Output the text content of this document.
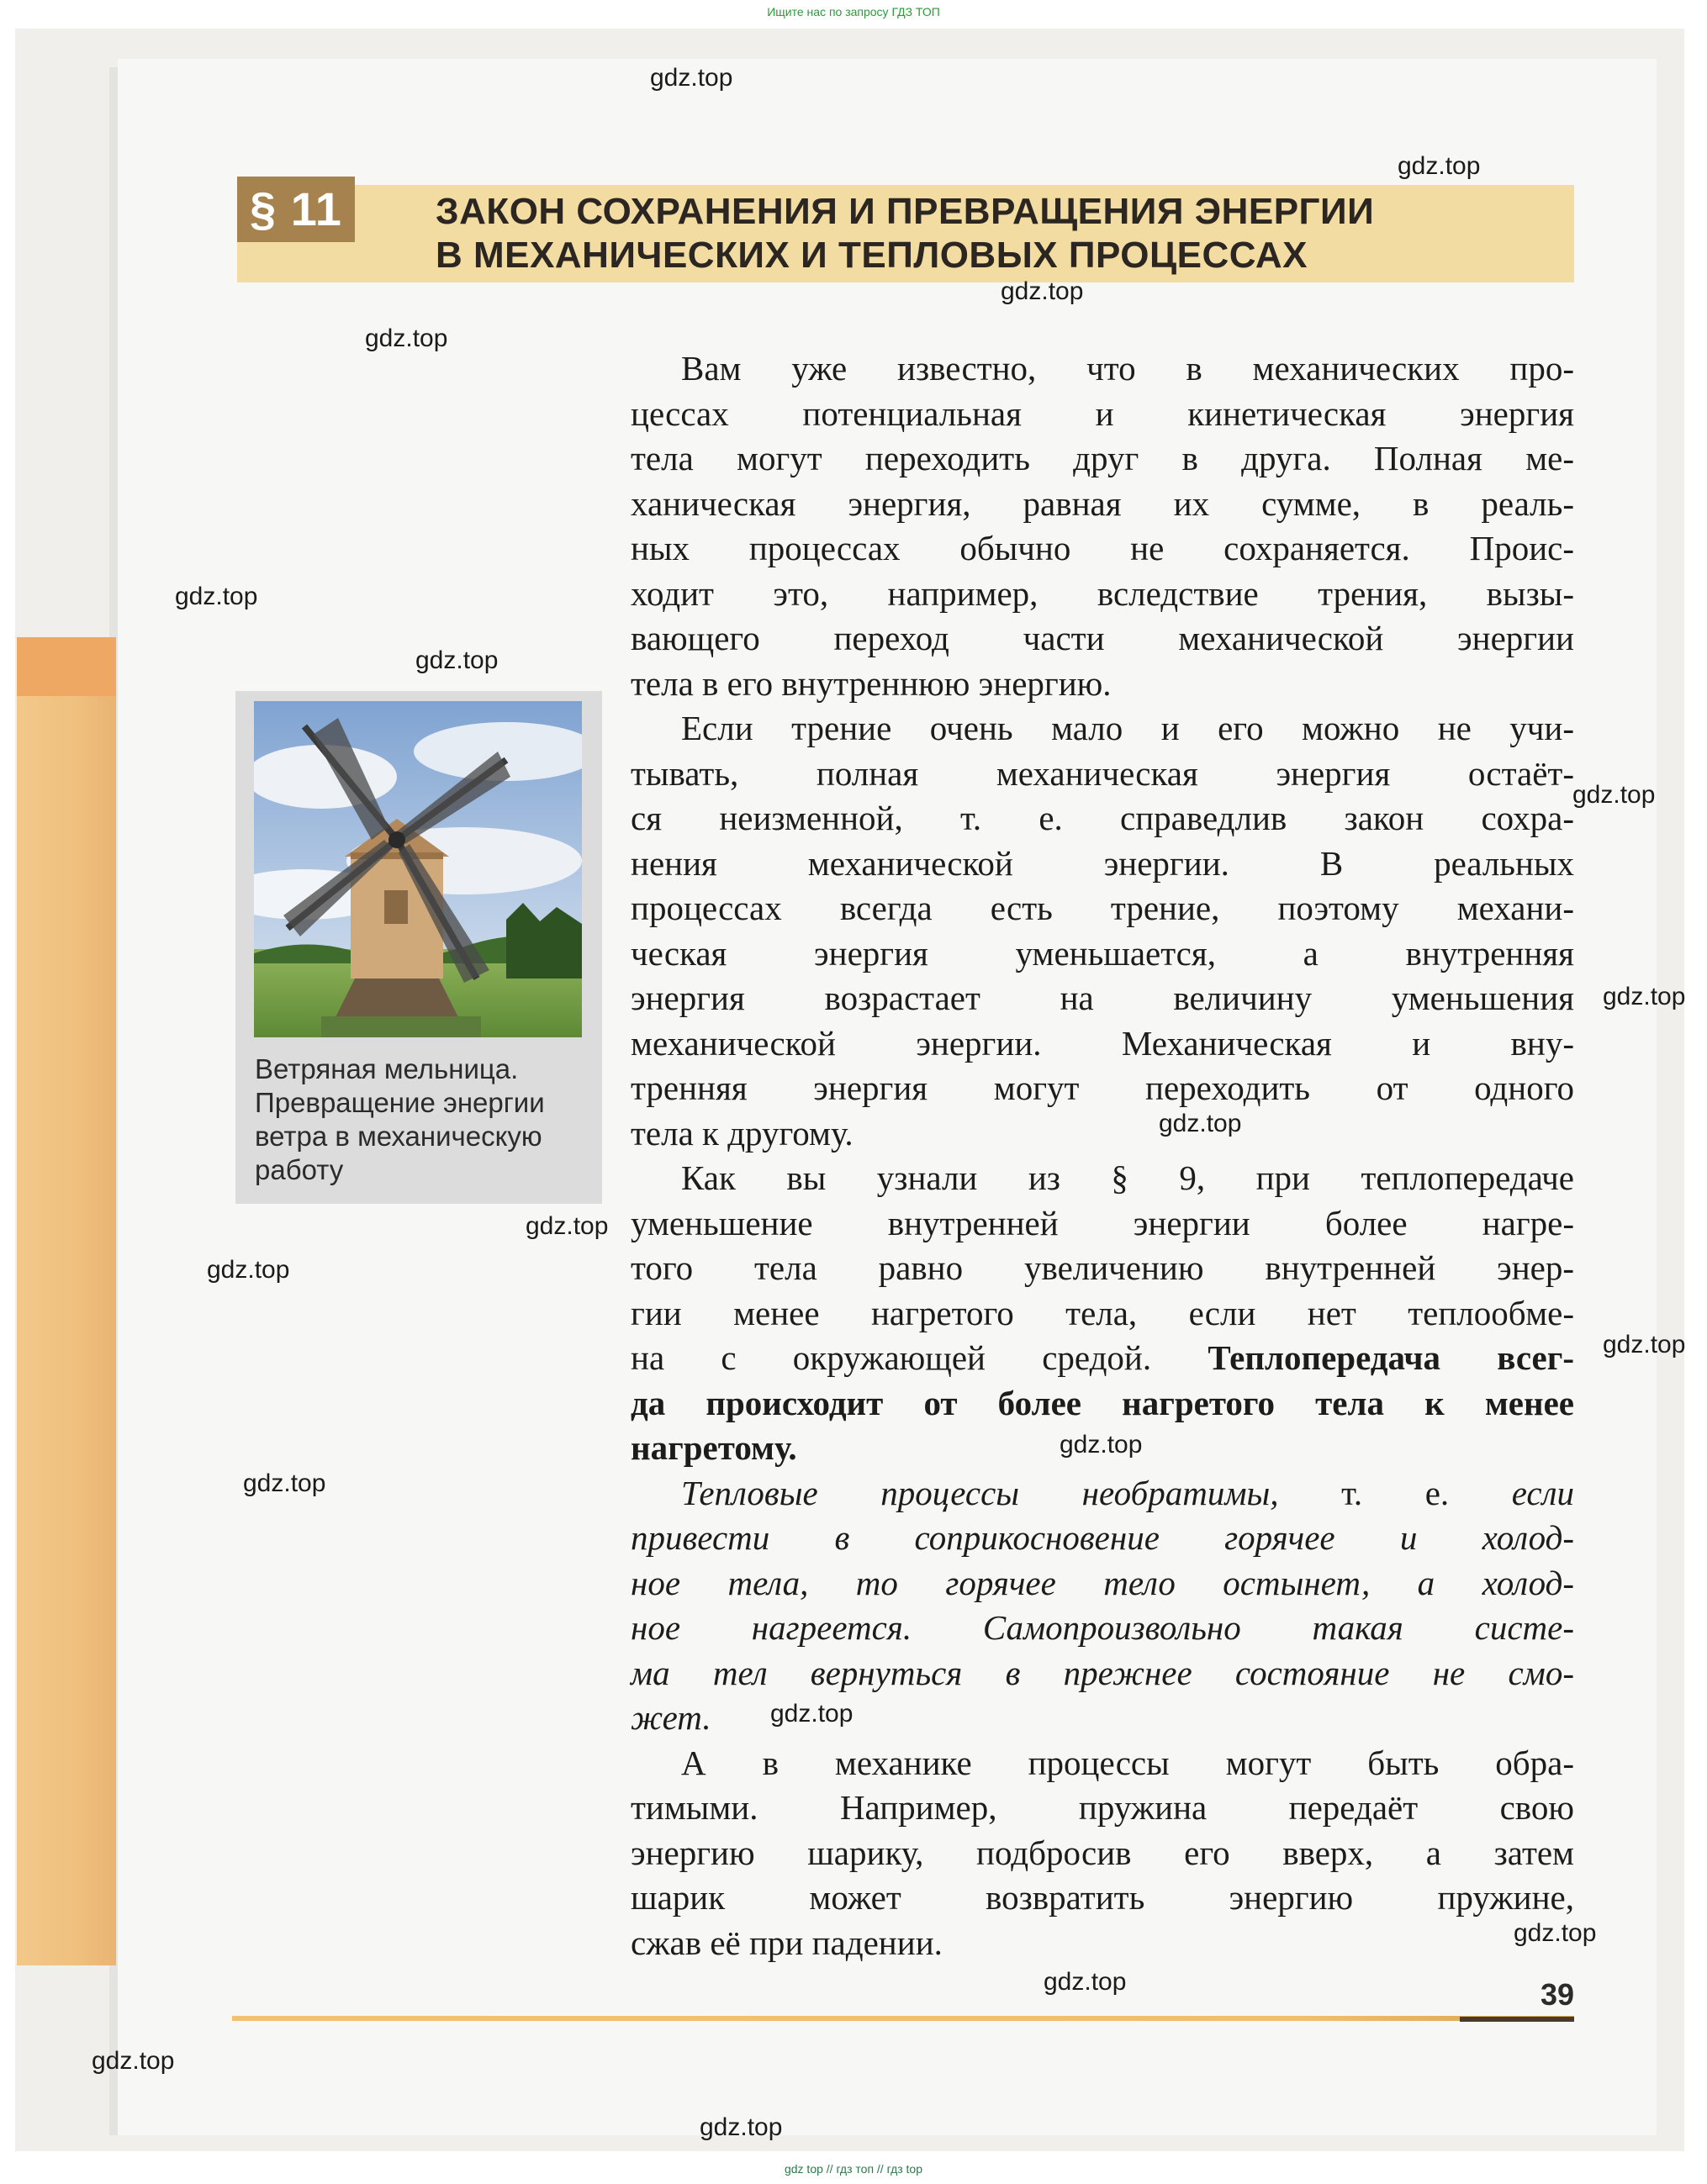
Ищите нас по запросу ГДЗ ТОП
§ 11	ЗАКОН СОХРАНЕНИЯ И ПРЕВРАЩЕНИЯ ЭНЕРГИИ
В МЕХАНИЧЕСКИХ И ТЕПЛОВЫХ ПРОЦЕССАХ
Ветряная мельница.
Превращение энергии
ветра в механическую
работу
Вам уже известно, что в механических про-
цессах потенциальная и кинетическая энергия
тела могут переходить друг в друга. Полная ме-
ханическая энергия, равная их сумме, в реаль-
ных процессах обычно не сохраняется. Проис-
ходит это, например, вследствие трения, вызы-
вающего переход части механической энергии
тела в его внутреннюю энергию.
Если трение очень мало и его можно не учи-
тывать, полная механическая энергия остаёт-
ся неизменной, т. е. справедлив закон сохра-
нения механической энергии. В реальных
процессах всегда есть трение, поэтому механи-
ческая энергия уменьшается, а внутренняя
энергия возрастает на величину уменьшения
механической энергии. Механическая и вну-
тренняя энергия могут переходить от одного
тела к другому.
Как вы узнали из § 9, при теплопередаче
уменьшение внутренней энергии более нагре-
того тела равно увеличению внутренней энер-
гии менее нагретого тела, если нет теплообме-
на с окружающей средой. Теплопередача всег-
да происходит от более нагретого тела к менее
нагретому.
Тепловые процессы необратимы, т. е. если
привести в соприкосновение горячее и холод-
ное тела, то горячее тело остынет, а холод-
ное нагреется. Самопроизвольно такая систе-
ма тел вернуться в прежнее состояние не смо-
жет.
А в механике процессы могут быть обра-
тимыми. Например, пружина передаёт свою
энергию шарику, подбросив его вверх, а затем
шарик может возвратить энергию пружине,
сжав её при падении.
39
gdz.top
gdz.top
gdz.top
gdz.top
gdz.top
gdz.top
gdz.top
gdz.top
gdz.top
gdz.top
gdz.top
gdz.top
gdz.top
gdz.top
gdz.top
gdz.top
gdz.top
gdz.top
gdz.top
gdz top // гдз топ // гдз top
